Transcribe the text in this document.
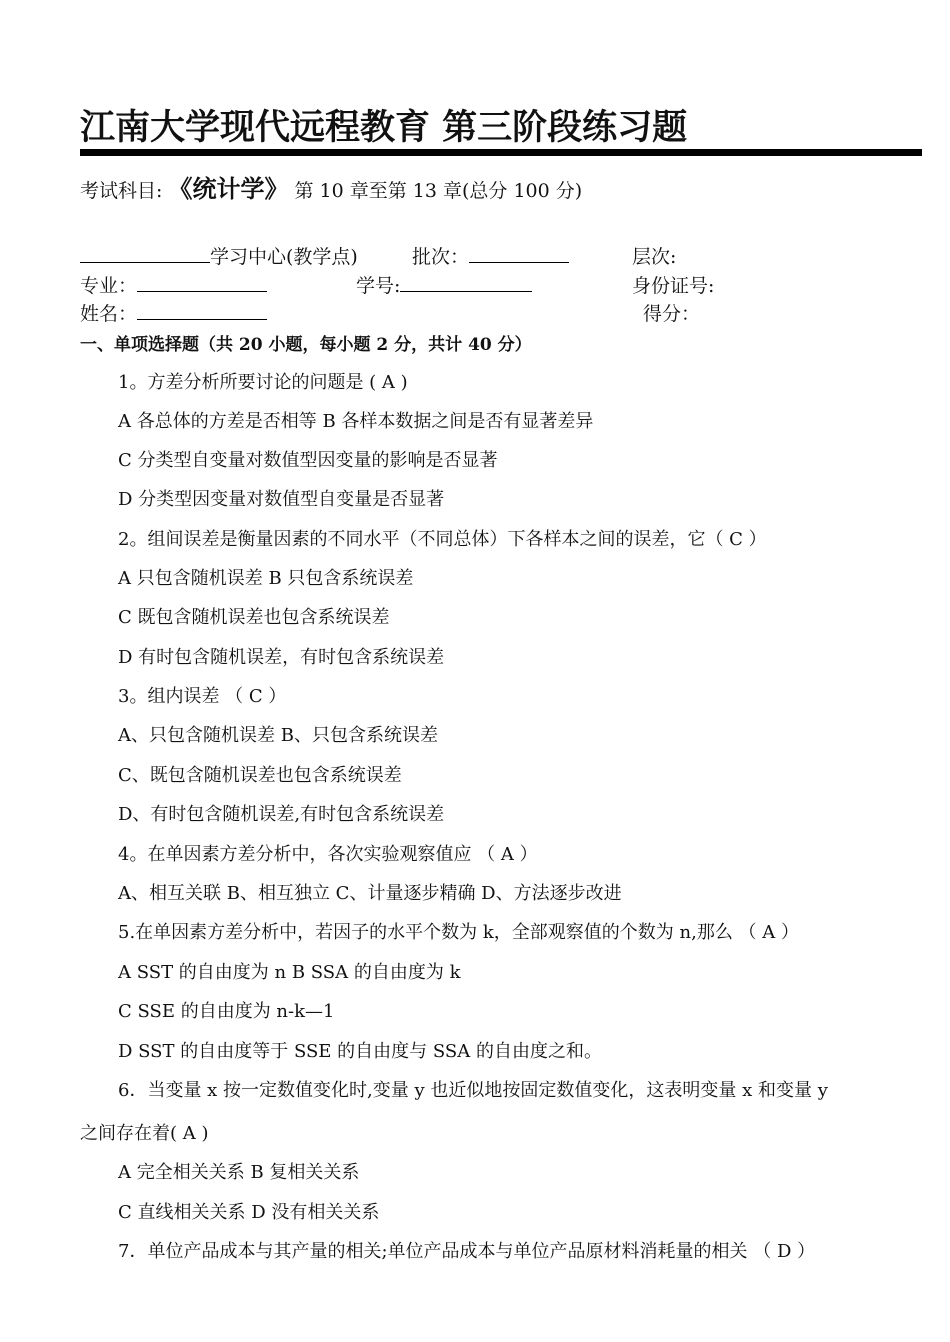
江南大学现代远程教育 第三阶段练习题
考试科目: 《统计学》 第 10 章至第 13 章(总分 100 分)
学习中心(教学点)	批次：	层次:
专业：	学号:	身份证号:
姓名：	得分：
一、单项选择题（共 20 小题，每小题 2 分，共计 40 分）
1。方差分析所要讨论的问题是 ( A )
A 各总体的方差是否相等 B 各样本数据之间是否有显著差异
C 分类型自变量对数值型因变量的影响是否显著
D 分类型因变量对数值型自变量是否显著
2。组间误差是衡量因素的不同水平（不同总体）下各样本之间的误差，它（ C ）
A 只包含随机误差 B 只包含系统误差
C 既包含随机误差也包含系统误差
D 有时包含随机误差，有时包含系统误差
3。组内误差 （ C ）
A、只包含随机误差 B、只包含系统误差
C、既包含随机误差也包含系统误差
D、有时包含随机误差,有时包含系统误差
4。在单因素方差分析中，各次实验观察值应 （ A ）
A、相互关联 B、相互独立 C、计量逐步精确 D、方法逐步改进
5.在单因素方差分析中，若因子的水平个数为 k，全部观察值的个数为 n,那么 （ A ）
A SST 的自由度为 n B SSA 的自由度为 k
C SSE 的自由度为 n-k—1
D SST 的自由度等于 SSE 的自由度与 SSA 的自由度之和。
6．当变量 x 按一定数值变化时,变量 y 也近似地按固定数值变化，这表明变量 x 和变量 y
之间存在着( A )
A 完全相关关系 B 复相关关系
C 直线相关关系 D 没有相关关系
7．单位产品成本与其产量的相关;单位产品成本与单位产品原材料消耗量的相关 （ D ）
